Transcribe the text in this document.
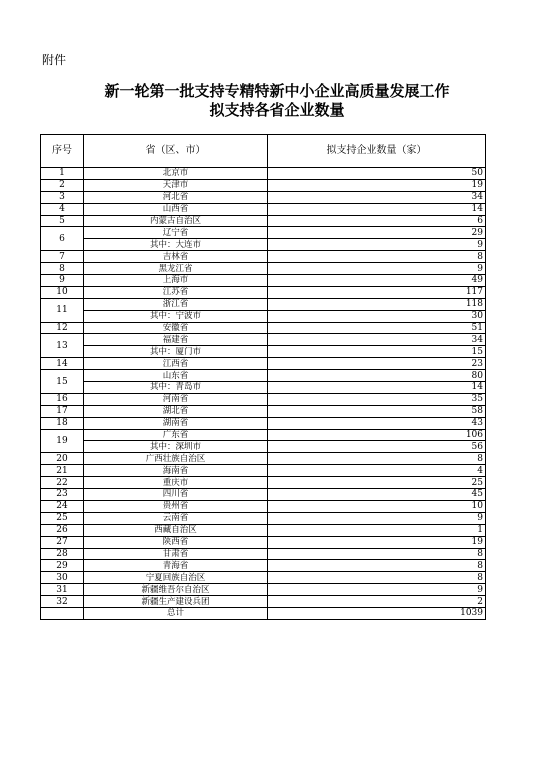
附件
新一轮第一批支持专精特新中小企业高质量发展工作
拟支持各省企业数量
序号	省（区、市）	拟支持企业数量（家）
1	北京市	50
2	天津市	19
3	河北省	34
4	山西省	14
5	内蒙古自治区	6
6	辽宁省	29
	其中：大连市	9
7	吉林省	8
8	黑龙江省	9
9	上海市	49
10	江苏省	117
11	浙江省	118
	其中：宁波市	30
12	安徽省	51
13	福建省	34
	其中：厦门市	15
14	江西省	23
15	山东省	80
	其中：青岛市	14
16	河南省	35
17	湖北省	58
18	湖南省	43
19	广东省	106
	其中：深圳市	56
20	广西壮族自治区	8
21	海南省	4
22	重庆市	25
23	四川省	45
24	贵州省	10
25	云南省	9
26	西藏自治区	1
27	陕西省	19
28	甘肃省	8
29	青海省	8
30	宁夏回族自治区	8
31	新疆维吾尔自治区	9
32	新疆生产建设兵团	2
	总计	1039
